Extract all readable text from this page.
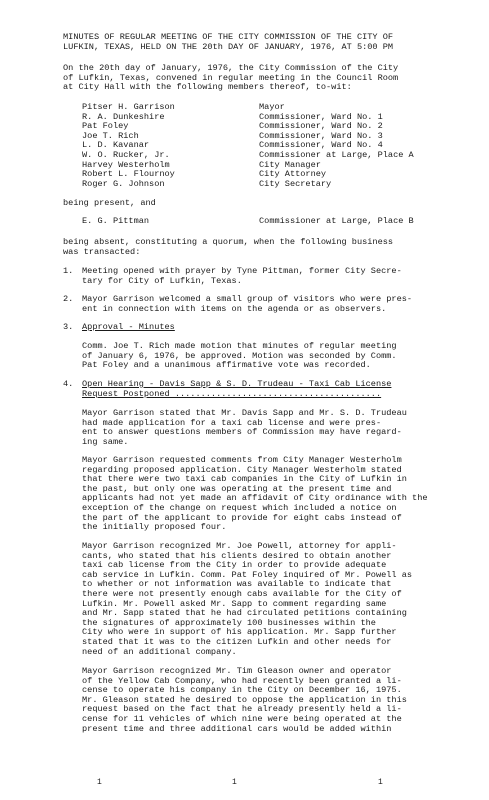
MINUTES OF REGULAR MEETING OF THE CITY COMMISSION OF THE CITY OF
LUFKIN, TEXAS, HELD ON THE 20th DAY OF JANUARY, 1976, AT 5:00 PM
On the 20th day of January, 1976, the City Commission of the City
of Lufkin, Texas, convened in regular meeting in the Council Room
at City Hall with the following members thereof, to-wit:
Pitser H. Garrison	Mayor
R. A. Dunkeshire	Commissioner, Ward No. 1
Pat Foley	Commissioner, Ward No. 2
Joe T. Rich	Commissioner, Ward No. 3
L. D. Kavanar	Commissioner, Ward No. 4
W. O. Rucker, Jr.	Commissioner at Large, Place A
Harvey Westerholm	City Manager
Robert L. Flournoy	City Attorney
Roger G. Johnson	City Secretary
being present, and
E. G. Pittman	Commissioner at Large, Place B
being absent, constituting a quorum, when the following business
was transacted:
1.	Meeting opened with prayer by Tyne Pittman, former City Secre-
tary for City of Lufkin, Texas.
2.	Mayor Garrison welcomed a small group of visitors who were pres-
ent in connection with items on the agenda or as observers.
3.	Approval - Minutes
Comm. Joe T. Rich made motion that minutes of regular meeting
of January 6, 1976, be approved. Motion was seconded by Comm.
Pat Foley and a unanimous affirmative vote was recorded.
4.	Open Hearing - Davis Sapp & S. D. Trudeau - Taxi Cab License
Request Postponed ........................................
Mayor Garrison stated that Mr. Davis Sapp and Mr. S. D. Trudeau
had made application for a taxi cab license and were pres-
ent to answer questions members of Commission may have regard-
ing same.
Mayor Garrison requested comments from City Manager Westerholm
regarding proposed application. City Manager Westerholm stated
that there were two taxi cab companies in the City of Lufkin in
the past, but only one was operating at the present time and
applicants had not yet made an affidavit of City ordinance with the
exception of the change on request which included a notice on
the part of the applicant to provide for eight cabs instead of
the initially proposed four.
Mayor Garrison recognized Mr. Joe Powell, attorney for appli-
cants, who stated that his clients desired to obtain another
taxi cab license from the City in order to provide adequate
cab service in Lufkin. Comm. Pat Foley inquired of Mr. Powell as
to whether or not information was available to indicate that
there were not presently enough cabs available for the City of
Lufkin. Mr. Powell asked Mr. Sapp to comment regarding same
and Mr. Sapp stated that he had circulated petitions containing
the signatures of approximately 100 businesses within the
City who were in support of his application. Mr. Sapp further
stated that it was to the citizen Lufkin and other needs for
need of an additional company.
Mayor Garrison recognized Mr. Tim Gleason owner and operator
of the Yellow Cab Company, who had recently been granted a li-
cense to operate his company in the City on December 16, 1975.
Mr. Gleason stated he desired to oppose the application in this
request based on the fact that he already presently held a li-
cense for 11 vehicles of which nine were being operated at the
present time and three additional cars would be added within
1	1	1
